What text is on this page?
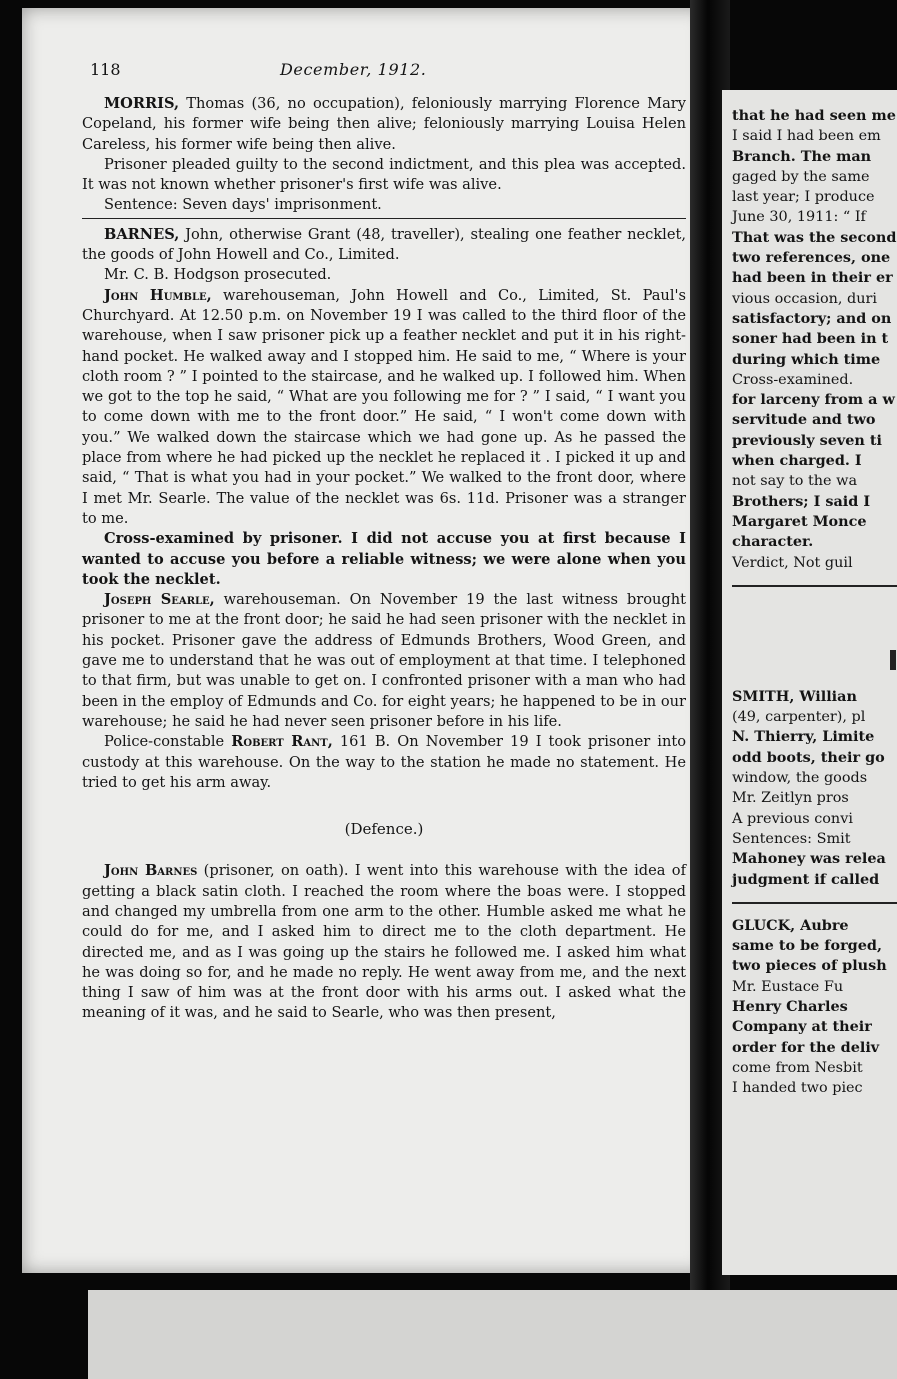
that he had seen me
I said I had been em
Branch. The man
gaged by the same
last year; I produce
June 30, 1911: “ If
That was the second
two references, one
had been in their er
vious occasion, duri
satisfactory; and on
soner had been in t
during which time
Cross-examined.
for larceny from a w
servitude and two
previously seven ti
when charged. I
not say to the wa
Brothers; I said I
Margaret Monce
character.
Verdict, Not guil
SMITH, Willian
(49, carpenter), pl
N. Thierry, Limite
odd boots, their go
window, the goods
Mr. Zeitlyn pros
A previous convi
Sentences: Smit
Mahoney was relea
judgment if called
GLUCK, Aubre
same to be forged,
two pieces of plush
Mr. Eustace Fu
Henry Charles
Company at their
order for the deliv
come from Nesbit
I handed two piec
118	December, 1912.

MORRIS, Thomas (36, no occupation), feloniously marrying Florence Mary Copeland, his former wife being then alive; feloniously marrying Louisa Helen Careless, his former wife being then alive.

Prisoner pleaded guilty to the second indictment, and this plea was accepted. It was not known whether prisoner's first wife was alive.

Sentence: Seven days' imprisonment.

BARNES, John, otherwise Grant (48, traveller), stealing one feather necklet, the goods of John Howell and Co., Limited.

Mr. C. B. Hodgson prosecuted.

John Humble, warehouseman, John Howell and Co., Limited, St. Paul's Churchyard. At 12.50 p.m. on November 19 I was called to the third floor of the warehouse, when I saw prisoner pick up a feather necklet and put it in his right-hand pocket. He walked away and I stopped him. He said to me, “ Where is your cloth room ? ” I pointed to the staircase, and he walked up. I followed him. When we got to the top he said, “ What are you following me for ? ” I said, “ I want you to come down with me to the front door.” He said, “ I won't come down with you.” We walked down the staircase which we had gone up. As he passed the place from where he had picked up the necklet he replaced it . I picked it up and said, “ That is what you had in your pocket.” We walked to the front door, where I met Mr. Searle. The value of the necklet was 6s. 11d. Prisoner was a stranger to me.

Cross-examined by prisoner. I did not accuse you at first because I wanted to accuse you before a reliable witness; we were alone when you took the necklet.

Joseph Searle, warehouseman. On November 19 the last witness brought prisoner to me at the front door; he said he had seen prisoner with the necklet in his pocket. Prisoner gave the address of Edmunds Brothers, Wood Green, and gave me to understand that he was out of employment at that time. I telephoned to that firm, but was unable to get on. I confronted prisoner with a man who had been in the employ of Edmunds and Co. for eight years; he happened to be in our warehouse; he said he had never seen prisoner before in his life.

Police-constable Robert Rant, 161 B. On November 19 I took prisoner into custody at this warehouse. On the way to the station he made no statement. He tried to get his arm away.

(Defence.)

John Barnes (prisoner, on oath). I went into this warehouse with the idea of getting a black satin cloth. I reached the room where the boas were. I stopped and changed my umbrella from one arm to the other. Humble asked me what he could do for me, and I asked him to direct me to the cloth department. He directed me, and as I was going up the stairs he followed me. I asked him what he was doing so for, and he made no reply. He went away from me, and the next thing I saw of him was at the front door with his arms out. I asked what the meaning of it was, and he said to Searle, who was then present,
